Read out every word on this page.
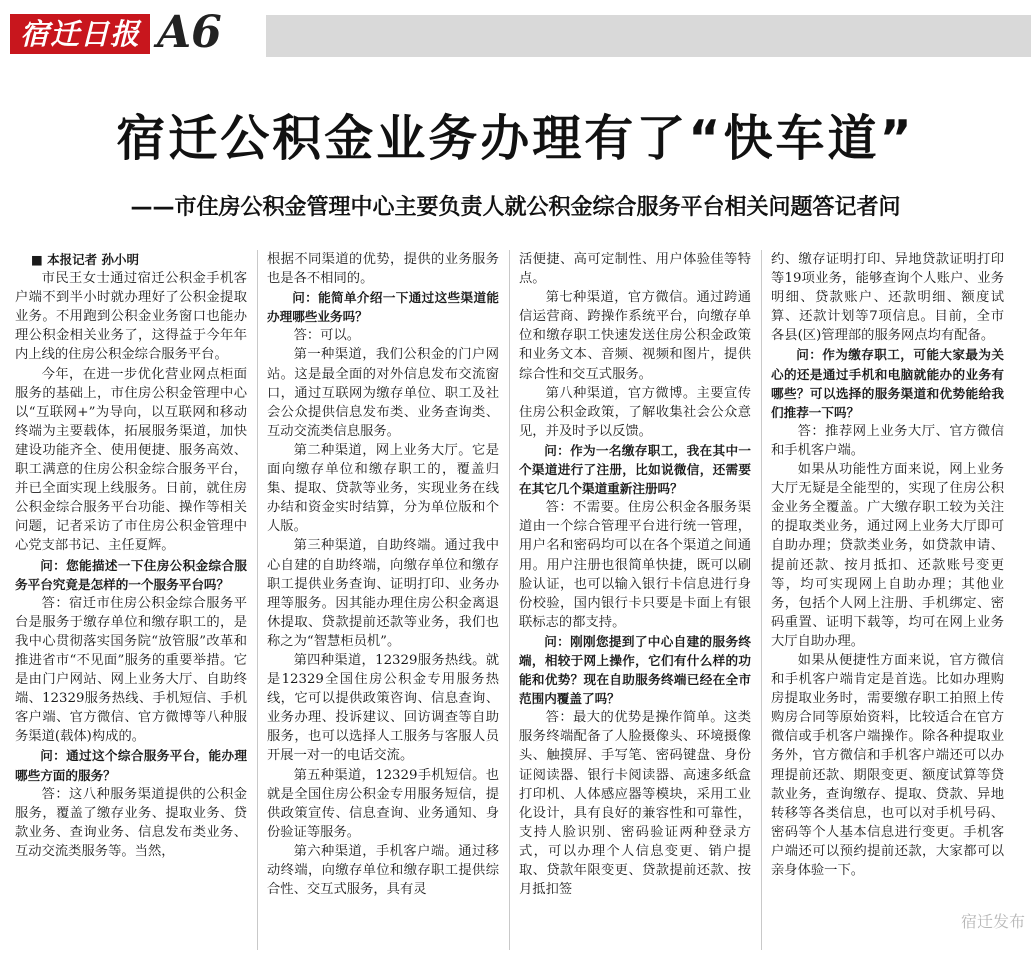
宿迁日报 A6
宿迁公积金业务办理有了“快车道”
——市住房公积金管理中心主要负责人就公积金综合服务平台相关问题答记者问

■ 本报记者 孙小明

市民王女士通过宿迁公积金手机客户端不到半小时就办理好了公积金提取业务。不用跑到公积金业务窗口也能办理公积金相关业务了，这得益于今年年内上线的住房公积金综合服务平台。

今年，在进一步优化营业网点柜面服务的基础上，市住房公积金管理中心以“互联网+”为导向，以互联网和移动终端为主要载体，拓展服务渠道，加快建设功能齐全、使用便捷、服务高效、职工满意的住房公积金综合服务平台，并已全面实现上线服务。日前，就住房公积金综合服务平台功能、操作等相关问题，记者采访了市住房公积金管理中心党支部书记、主任夏辉。

问：您能描述一下住房公积金综合服务平台究竟是怎样的一个服务平台吗？

答：宿迁市住房公积金综合服务平台是服务于缴存单位和缴存职工的，是我中心贯彻落实国务院“放管服”改革和推进省市“不见面”服务的重要举措。它是由门户网站、网上业务大厅、自助终端、12329服务热线、手机短信、手机客户端、官方微信、官方微博等八种服务渠道(载体)构成的。

问：通过这个综合服务平台，能办理哪些方面的服务？

答：这八种服务渠道提供的公积金服务，覆盖了缴存业务、提取业务、贷款业务、查询业务、信息发布类业务、互动交流类服务等。当然，

根据不同渠道的优势，提供的业务服务也是各不相同的。

问：能简单介绍一下通过这些渠道能办理哪些业务吗？

答：可以。

第一种渠道，我们公积金的门户网站。这是最全面的对外信息发布交流窗口，通过互联网为缴存单位、职工及社会公众提供信息发布类、业务查询类、互动交流类信息服务。

第二种渠道，网上业务大厅。它是面向缴存单位和缴存职工的，覆盖归集、提取、贷款等业务，实现业务在线办结和资金实时结算，分为单位版和个人版。

第三种渠道，自助终端。通过我中心自建的自助终端，向缴存单位和缴存职工提供业务查询、证明打印、业务办理等服务。因其能办理住房公积金离退休提取、贷款提前还款等业务，我们也称之为“智慧柜员机”。

第四种渠道，12329服务热线。就是12329全国住房公积金专用服务热线，它可以提供政策咨询、信息查询、业务办理、投诉建议、回访调查等自助服务，也可以选择人工服务与客服人员开展一对一的电话交流。

第五种渠道，12329手机短信。也就是全国住房公积金专用服务短信，提供政策宣传、信息查询、业务通知、身份验证等服务。

第六种渠道，手机客户端。通过移动终端，向缴存单位和缴存职工提供综合性、交互式服务，具有灵

活便捷、高可定制性、用户体验佳等特点。

第七种渠道，官方微信。通过跨通信运营商、跨操作系统平台，向缴存单位和缴存职工快速发送住房公积金政策和业务文本、音频、视频和图片，提供综合性和交互式服务。

第八种渠道，官方微博。主要宣传住房公积金政策，了解收集社会公众意见，并及时予以反馈。

问：作为一名缴存职工，我在其中一个渠道进行了注册，比如说微信，还需要在其它几个渠道重新注册吗？

答：不需要。住房公积金各服务渠道由一个综合管理平台进行统一管理，用户名和密码均可以在各个渠道之间通用。用户注册也很简单快捷，既可以刷脸认证，也可以输入银行卡信息进行身份校验，国内银行卡只要是卡面上有银联标志的都支持。

问：刚刚您提到了中心自建的服务终端，相较于网上操作，它们有什么样的功能和优势？现在自助服务终端已经在全市范围内覆盖了吗？

答：最大的优势是操作简单。这类服务终端配备了人脸摄像头、环境摄像头、触摸屏、手写笔、密码键盘、身份证阅读器、银行卡阅读器、高速多纸盒打印机、人体感应器等模块，采用工业化设计，具有良好的兼容性和可靠性，支持人脸识别、密码验证两种登录方式，可以办理个人信息变更、销户提取、贷款年限变更、贷款提前还款、按月抵扣签

约、缴存证明打印、异地贷款证明打印等19项业务，能够查询个人账户、业务明细、贷款账户、还款明细、额度试算、还款计划等7项信息。目前，全市各县(区)管理部的服务网点均有配备。

问：作为缴存职工，可能大家最为关心的还是通过手机和电脑就能办的业务有哪些？可以选择的服务渠道和优势能给我们推荐一下吗？

答：推荐网上业务大厅、官方微信和手机客户端。

如果从功能性方面来说，网上业务大厅无疑是全能型的，实现了住房公积金业务全覆盖。广大缴存职工较为关注的提取类业务，通过网上业务大厅即可自助办理；贷款类业务，如贷款申请、提前还款、按月抵扣、还款账号变更等，均可实现网上自助办理；其他业务，包括个人网上注册、手机绑定、密码重置、证明下载等，均可在网上业务大厅自助办理。

如果从便捷性方面来说，官方微信和手机客户端肯定是首选。比如办理购房提取业务时，需要缴存职工拍照上传购房合同等原始资料，比较适合在官方微信或手机客户端操作。除各种提取业务外，官方微信和手机客户端还可以办理提前还款、期限变更、额度试算等贷款业务，查询缴存、提取、贷款、异地转移等各类信息，也可以对手机号码、密码等个人基本信息进行变更。手机客户端还可以预约提前还款，大家都可以亲身体验一下。

宿迁发布
